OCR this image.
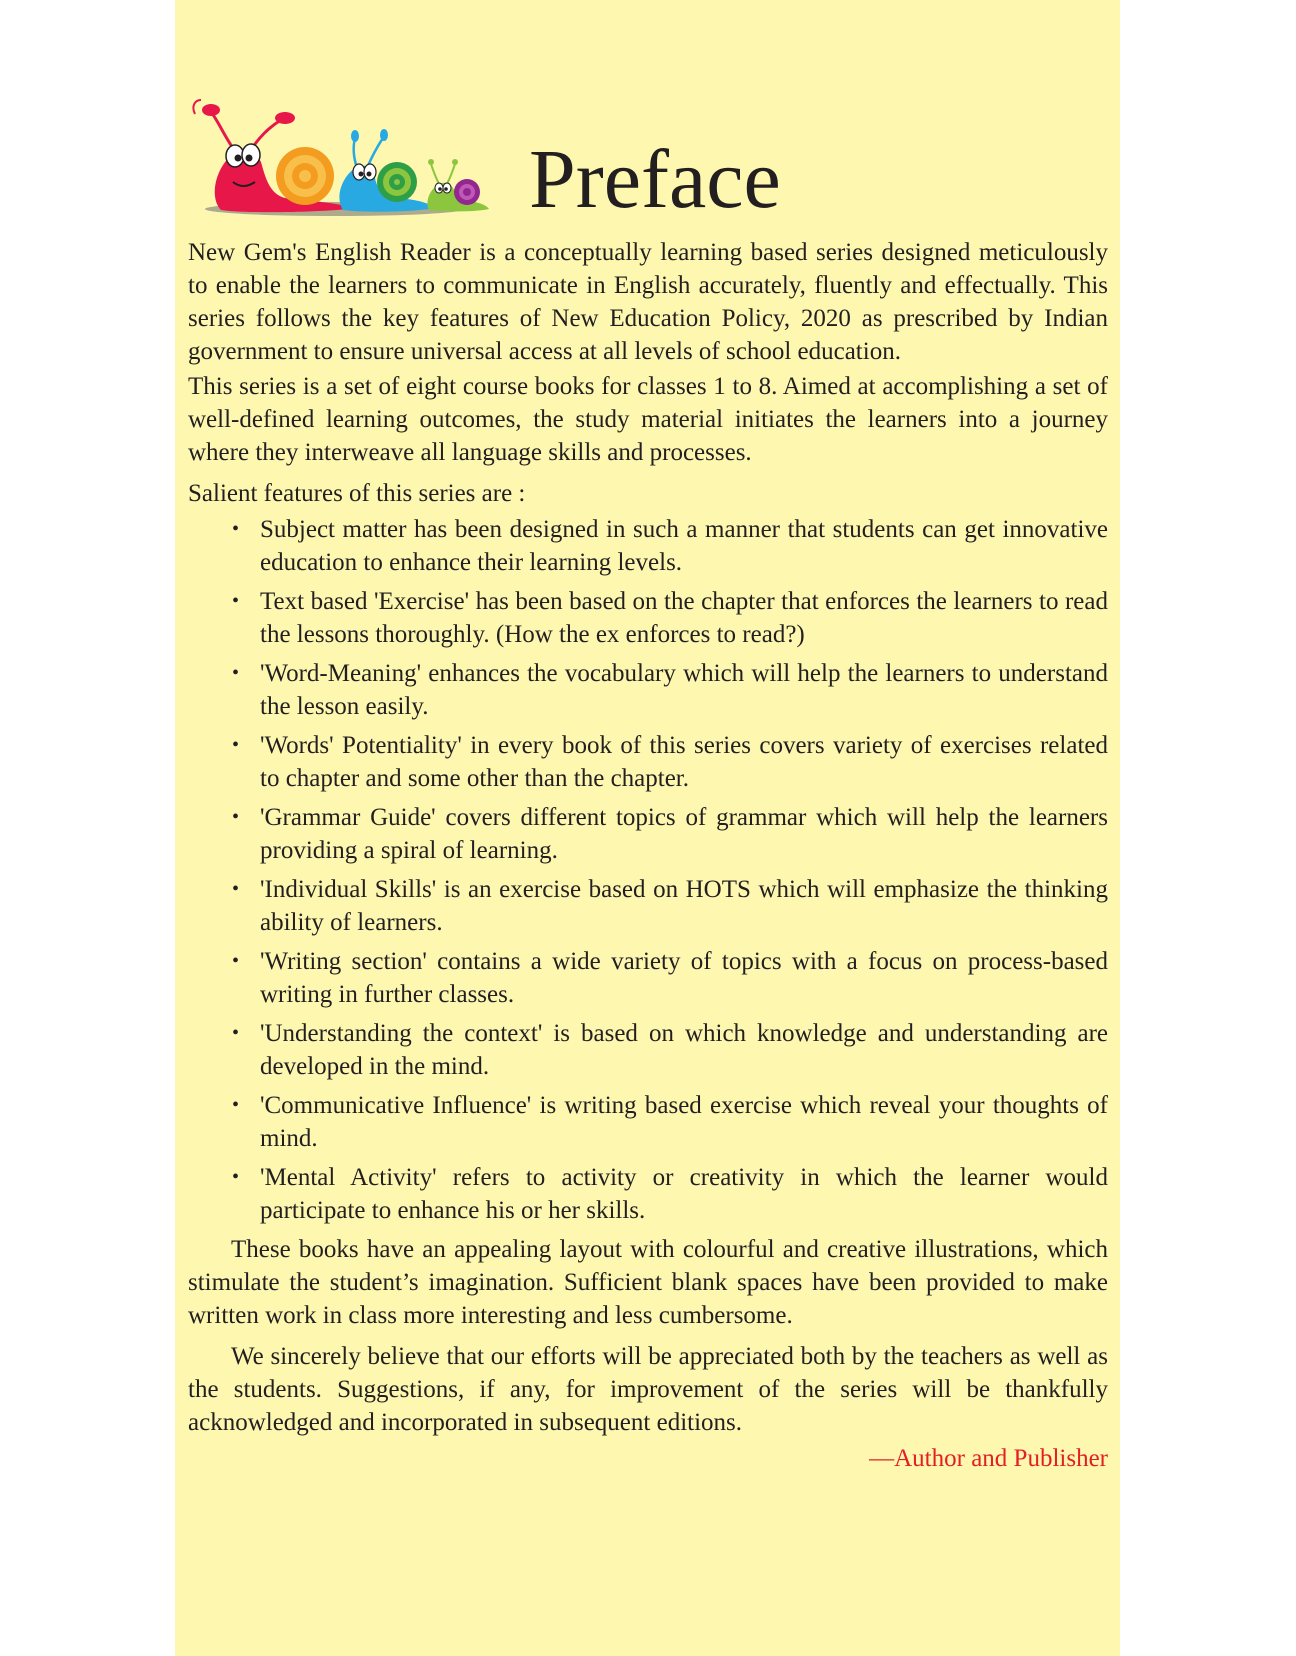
Preface

New Gem's English Reader is a conceptually learning based series designed meticulously to enable the learners to communicate in English accurately, fluently and effectually. This series follows the key features of New Education Policy, 2020 as prescribed by Indian government to ensure universal access at all levels of school education.

This series is a set of eight course books for classes 1 to 8. Aimed at accomplishing a set of well-defined learning outcomes, the study material initiates the learners into a journey where they interweave all language skills and processes.

Salient features of this series are :

• Subject matter has been designed in such a manner that students can get innovative education to enhance their learning levels.
• Text based 'Exercise' has been based on the chapter that enforces the learners to read the lessons thoroughly. (How the ex enforces to read?)
• 'Word-Meaning' enhances the vocabulary which will help the learners to understand the lesson easily.
• 'Words' Potentiality' in every book of this series covers variety of exercises related to chapter and some other than the chapter.
• 'Grammar Guide' covers different topics of grammar which will help the learners providing a spiral of learning.
• 'Individual Skills' is an exercise based on HOTS which will emphasize the thinking ability of learners.
• 'Writing section' contains a wide variety of topics with a focus on process-based writing in further classes.
• 'Understanding the context' is based on which knowledge and understanding are developed in the mind.
• 'Communicative Influence' is writing based exercise which reveal your thoughts of mind.
• 'Mental Activity' refers to activity or creativity in which the learner would participate to enhance his or her skills.

These books have an appealing layout with colourful and creative illustrations, which stimulate the student’s imagination. Sufficient blank spaces have been provided to make written work in class more interesting and less cumbersome.

We sincerely believe that our efforts will be appreciated both by the teachers as well as the students. Suggestions, if any, for improvement of the series will be thankfully acknowledged and incorporated in subsequent editions.

—Author and Publisher
